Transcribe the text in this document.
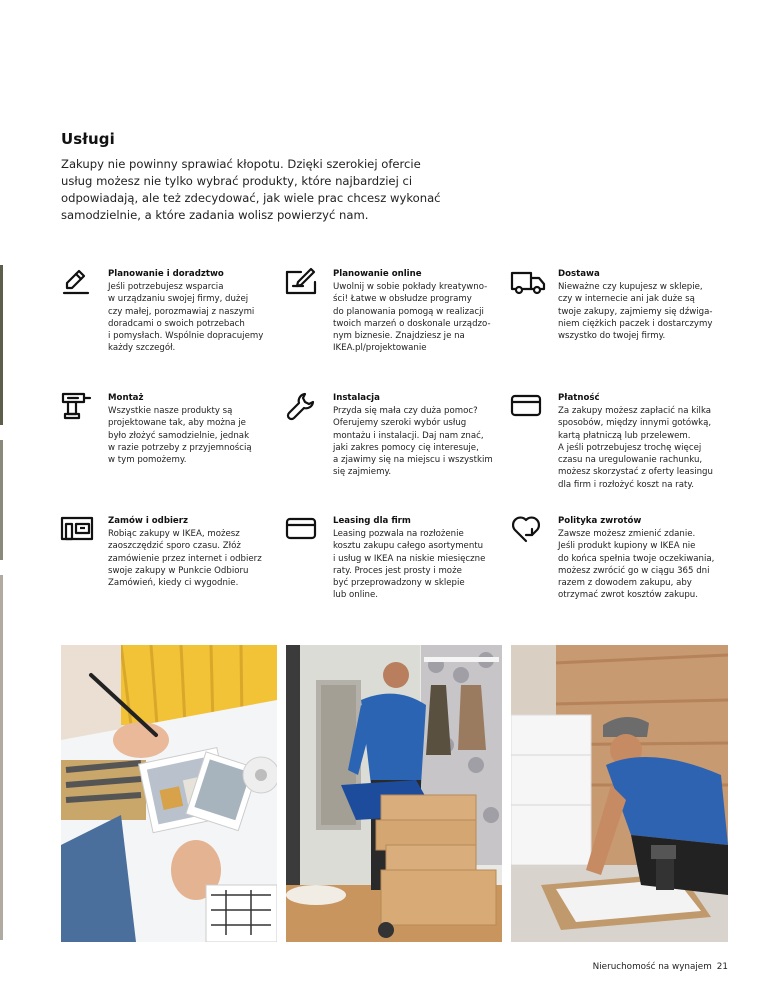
Usługi

Zakupy nie powinny sprawiać kłopotu. Dzięki szerokiej ofercie usług możesz nie tylko wybrać produkty, które najbardziej ci odpowiadają, ale też zdecydować, jak wiele prac chcesz wykonać samodzielnie, a które zadania wolisz powierzyć nam.

Planowanie i doradztwo

Jeśli potrzebujesz wsparcia
w urządzaniu swojej firmy, dużej
czy małej, porozmawiaj z naszymi
doradcami o swoich potrzebach
i pomysłach. Wspólnie dopracujemy
każdy szczegół.

Planowanie online

Uwolnij w sobie pokłady kreatywno-
ści! Łatwe w obsłudze programy
do planowania pomogą w realizacji
twoich marzeń o doskonale urządzo-
nym biznesie. Znajdziesz je na
IKEA.pl/projektowanie

Dostawa

Nieważne czy kupujesz w sklepie,
czy w internecie ani jak duże są
twoje zakupy, zajmiemy się dźwiga-
niem ciężkich paczek i dostarczymy
wszystko do twojej firmy.

Montaż

Wszystkie nasze produkty są
projektowane tak, aby można je
było złożyć samodzielnie, jednak
w razie potrzeby z przyjemnością
w tym pomożemy.

Instalacja

Przyda się mała czy duża pomoc?
Oferujemy szeroki wybór usług
montażu i instalacji. Daj nam znać,
jaki zakres pomocy cię interesuje,
a zjawimy się na miejscu i wszystkim
się zajmiemy.

Płatność

Za zakupy możesz zapłacić na kilka
sposobów, między innymi gotówką,
kartą płatniczą lub przelewem.
A jeśli potrzebujesz trochę więcej
czasu na uregulowanie rachunku,
możesz skorzystać z oferty leasingu
dla firm i rozłożyć koszt na raty.

Zamów i odbierz

Robiąc zakupy w IKEA, możesz
zaoszczędzić sporo czasu. Złóż
zamówienie przez internet i odbierz
swoje zakupy w Punkcie Odbioru
Zamówień, kiedy ci wygodnie.

Leasing dla firm

Leasing pozwala na rozłożenie
kosztu zakupu całego asortymentu
i usług w IKEA na niskie miesięczne
raty. Proces jest prosty i może
być przeprowadzony w sklepie
lub online.

Polityka zwrotów

Zawsze możesz zmienić zdanie.
Jeśli produkt kupiony w IKEA nie
do końca spełnia twoje oczekiwania,
możesz zwrócić go w ciągu 365 dni
razem z dowodem zakupu, aby
otrzymać zwrot kosztów zakupu.

Nieruchomość na wynajem 21
